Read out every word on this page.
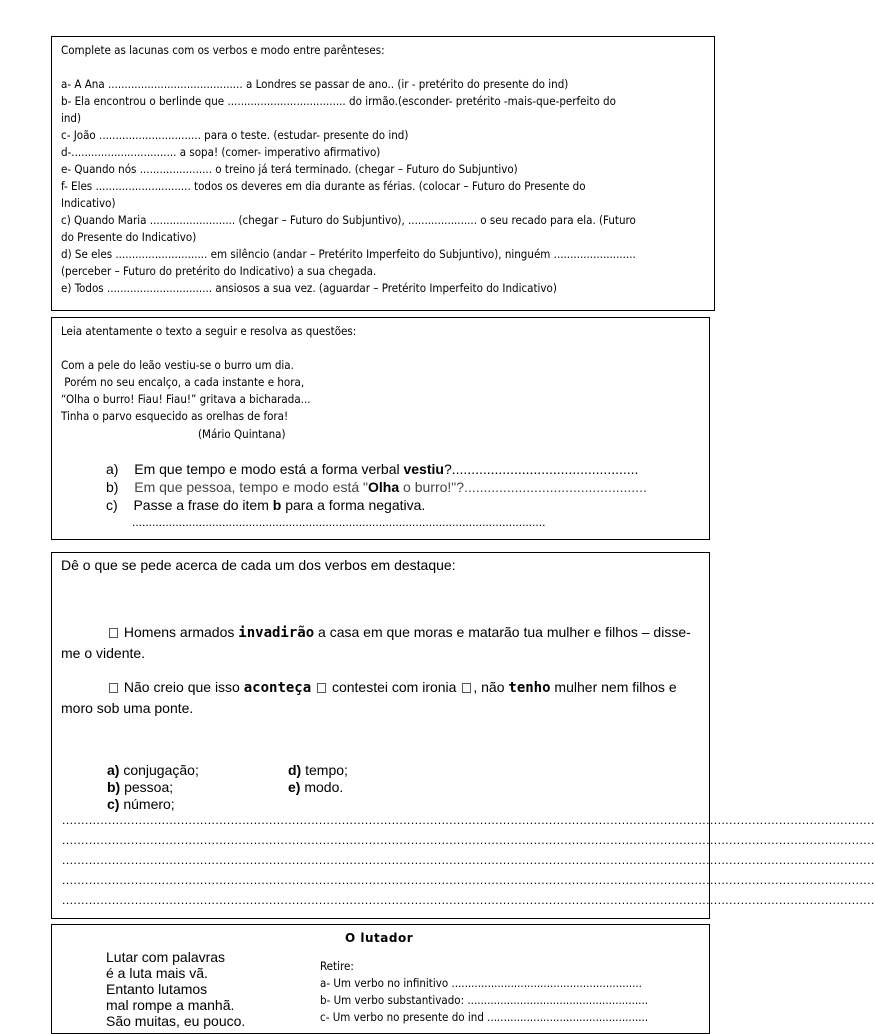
Complete as lacunas com os verbos e modo entre parênteses:
a- A Ana ......................................... a Londres se passar de ano.. (ir - pretérito do presente do ind)
b- Ela encontrou o berlinde que .................................... do irmão.(esconder- pretérito -mais-que-perfeito do
ind)
c- João ............................... para o teste. (estudar- presente do ind)
d-................................ a sopa! (comer- imperativo afirmativo)
e- Quando nós ...................... o treino já terá terminado. (chegar – Futuro do Subjuntivo)
f- Eles ............................. todos os deveres em dia durante as férias. (colocar – Futuro do Presente do
Indicativo)
c) Quando Maria .......................... (chegar – Futuro do Subjuntivo), ..................... o seu recado para ela. (Futuro
do Presente do Indicativo)
d) Se eles ............................ em silêncio (andar – Pretérito Imperfeito do Subjuntivo), ninguém .........................
(perceber – Futuro do pretérito do Indicativo) a sua chegada.
e) Todos ................................ ansiosos a sua vez. (aguardar – Pretérito Imperfeito do Indicativo)
Leia atentamente o texto a seguir e resolva as questões:
Com a pele do leão vestiu-se o burro um dia.
Porém no seu encalço, a cada instante e hora,
“Olha o burro! Fiau! Fiau!” gritava a bicharada...
Tinha o parvo esquecido as orelhas de fora!
(Mário Quintana)
a) Em que tempo e modo está a forma verbal vestiu?................................................
b) Em que pessoa, tempo e modo está "Olha o burro!"?...............................................
c) Passe a frase do item b para a forma negativa.
............................................................................................................................
Dê o que se pede acerca de cada um dos verbos em destaque:
Homens armados invadirão a casa em que moras e matarão tua mulher e filhos – disse-
me o vidente.
Não creio que isso aconteça  contestei com ironia , não tenho mulher nem filhos e
moro sob uma ponte.
a) conjugação;
b) pessoa;
c) número;
d) tempo;
e) modo.
....................................................................................................................................................................................................................
....................................................................................................................................................................................................................
....................................................................................................................................................................................................................
....................................................................................................................................................................................................................
....................................................................................................................................................................................................................
O lutador
Lutar com palavras
é a luta mais vã.
Entanto lutamos
mal rompe a manhã.
São muitas, eu pouco.
Retire:
a- Um verbo no infinitivo ..........................................................
b- Um verbo substantivado: .......................................................
c- Um verbo no presente do ind .................................................
